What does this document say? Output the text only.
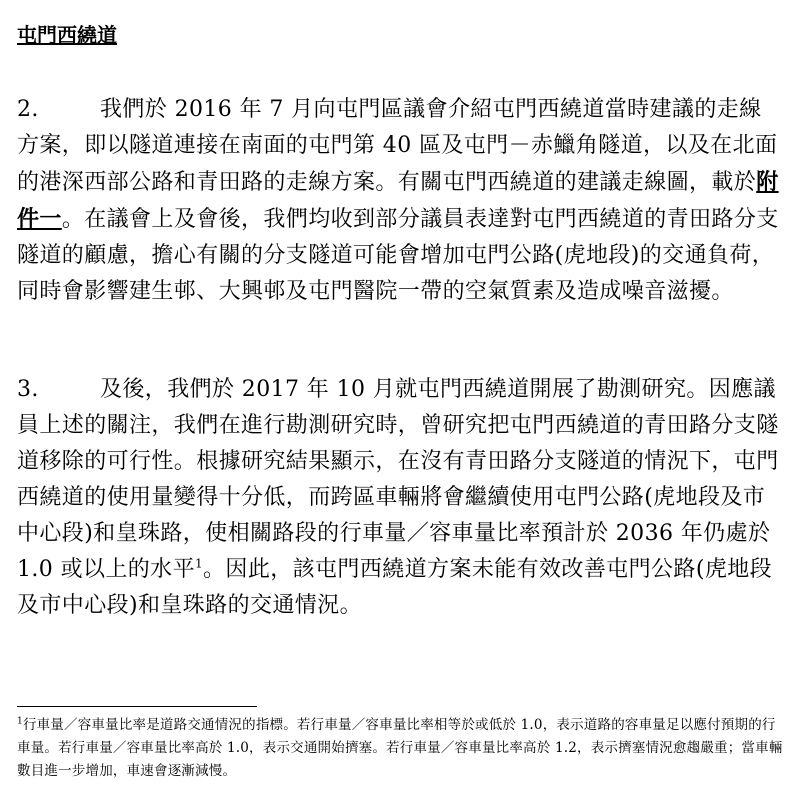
屯門西繞道
2.	我們於 2016 年 7 月向屯門區議會介紹屯門西繞道當時建議的走線方案，即以隧道連接在南面的屯門第 40 區及屯門－赤鱲角隧道，以及在北面的港深西部公路和青田路的走線方案。有關屯門西繞道的建議走線圖，載於附件一。在議會上及會後，我們均收到部分議員表達對屯門西繞道的青田路分支隧道的顧慮，擔心有關的分支隧道可能會增加屯門公路(虎地段)的交通負荷，同時會影響建生邨、大興邨及屯門醫院一帶的空氣質素及造成噪音滋擾。
3.	及後，我們於 2017 年 10 月就屯門西繞道開展了勘測研究。因應議員上述的關注，我們在進行勘測研究時，曾研究把屯門西繞道的青田路分支隧道移除的可行性。根據研究結果顯示，在沒有青田路分支隧道的情況下，屯門西繞道的使用量變得十分低，而跨區車輛將會繼續使用屯門公路(虎地段及市中心段)和皇珠路，使相關路段的行車量／容車量比率預計於 2036 年仍處於 1.0 或以上的水平$^1$。因此，該屯門西繞道方案未能有效改善屯門公路(虎地段及市中心段)和皇珠路的交通情況。
$^1$行車量／容車量比率是道路交通情況的指標。若行車量／容車量比率相等於或低於 1.0，表示道路的容車量足以應付預期的行車量。若行車量／容車量比率高於 1.0，表示交通開始擠塞。若行車量／容車量比率高於 1.2，表示擠塞情況愈趨嚴重；當車輛數目進一步增加，車速會逐漸減慢。
